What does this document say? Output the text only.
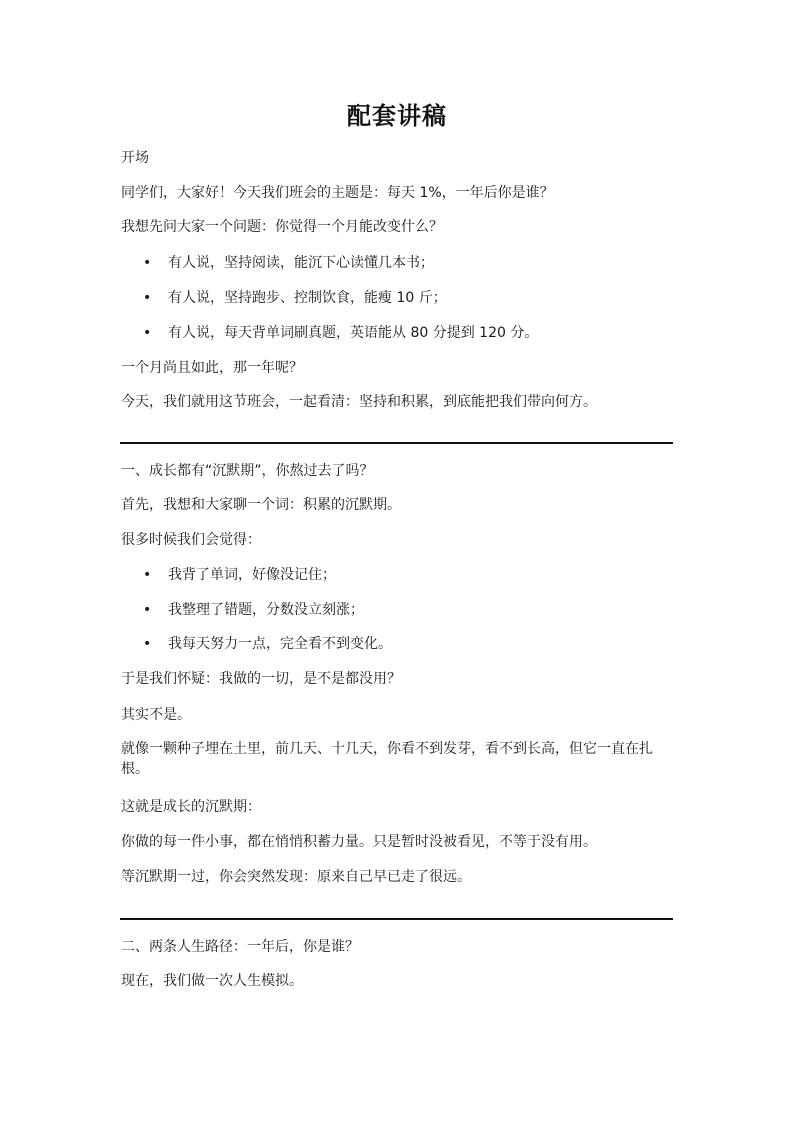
配套讲稿
开场
同学们，大家好！今天我们班会的主题是：每天 1%，一年后你是谁？
我想先问大家一个问题：你觉得一个月能改变什么？
• 有人说，坚持阅读，能沉下心读懂几本书；
• 有人说，坚持跑步、控制饮食，能瘦 10 斤；
• 有人说，每天背单词刷真题，英语能从 80 分提到 120 分。
一个月尚且如此，那一年呢？
今天，我们就用这节班会，一起看清：坚持和积累，到底能把我们带向何方。
一、成长都有“沉默期”，你熬过去了吗？
首先，我想和大家聊一个词：积累的沉默期。
很多时候我们会觉得：
• 我背了单词，好像没记住；
• 我整理了错题，分数没立刻涨；
• 我每天努力一点，完全看不到变化。
于是我们怀疑：我做的一切，是不是都没用？
其实不是。
就像一颗种子埋在土里，前几天、十几天，你看不到发芽，看不到长高，但它一直在扎根。
这就是成长的沉默期：
你做的每一件小事，都在悄悄积蓄力量。只是暂时没被看见，不等于没有用。
等沉默期一过，你会突然发现：原来自己早已走了很远。
二、两条人生路径：一年后，你是谁？
现在，我们做一次人生模拟。
